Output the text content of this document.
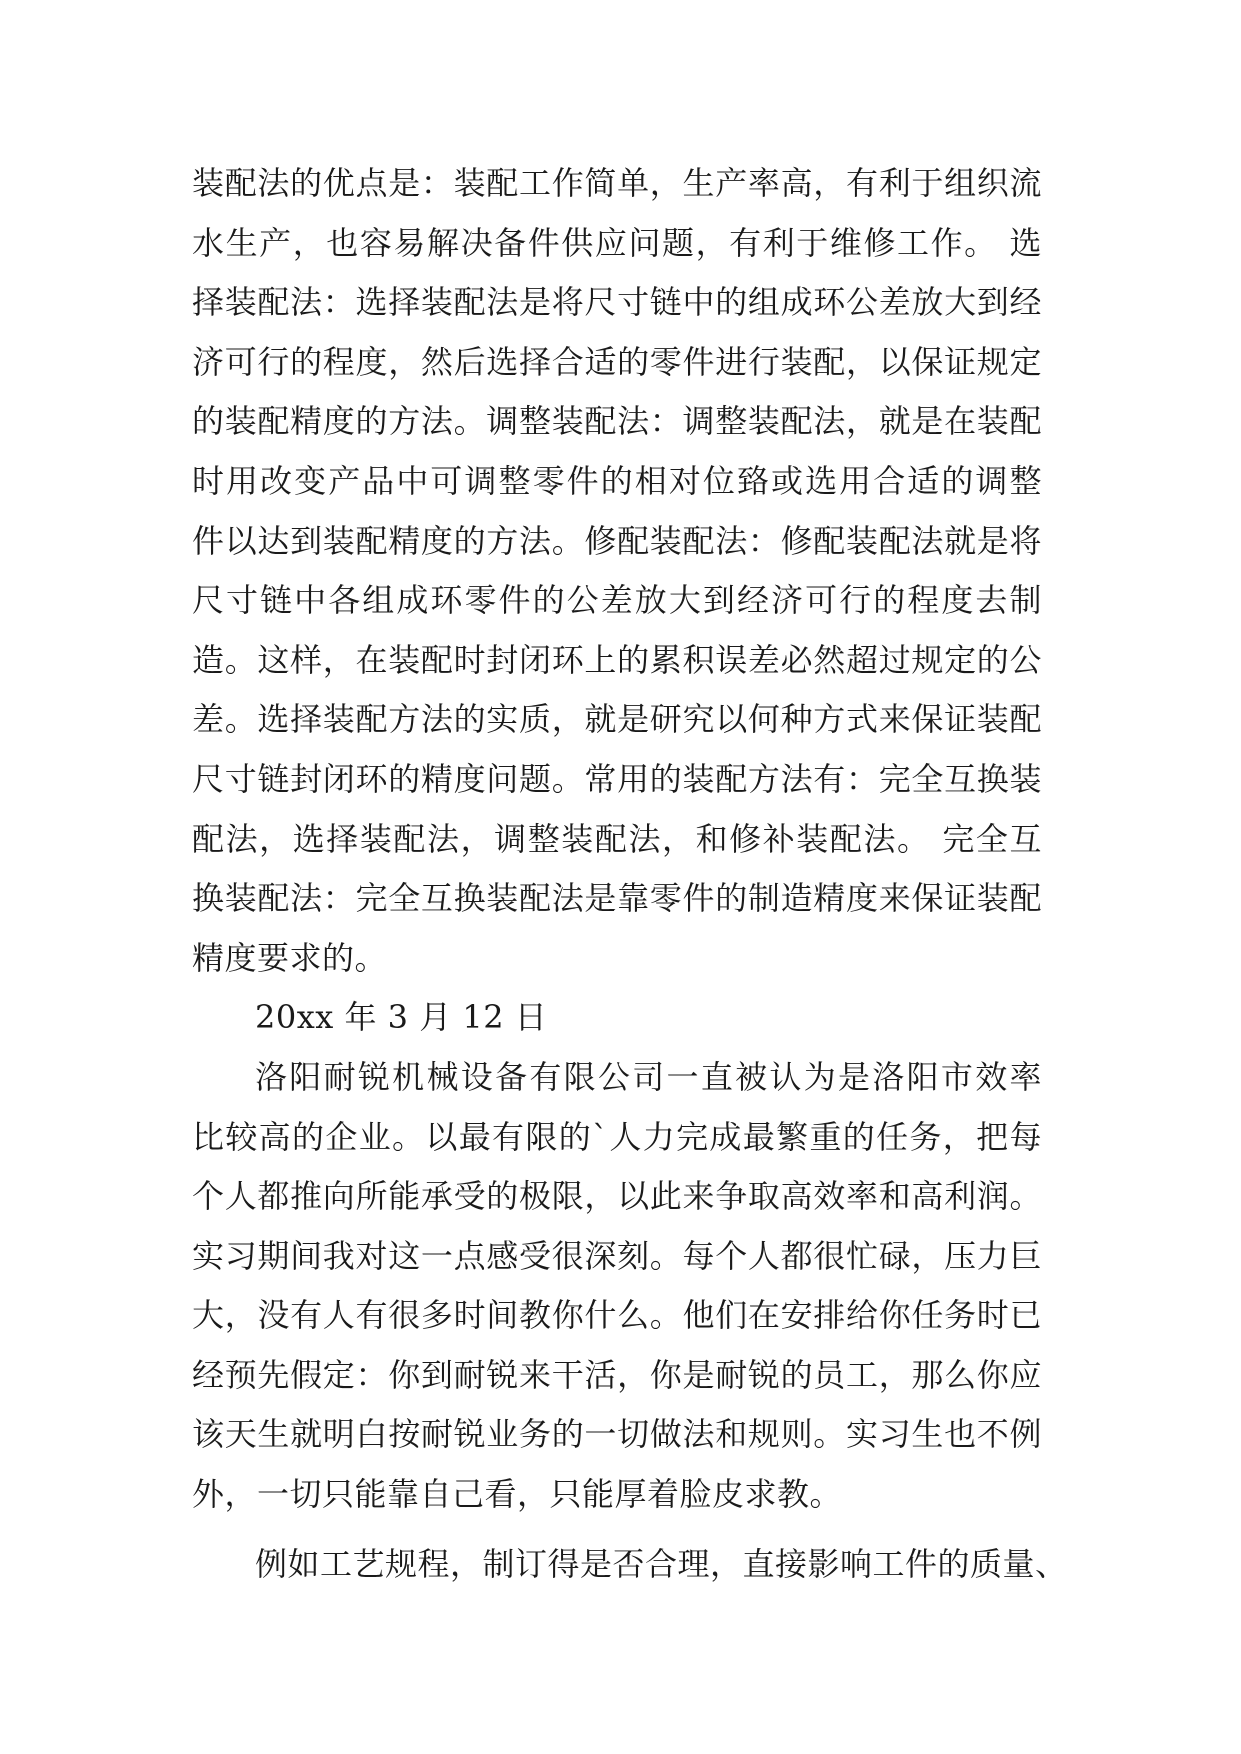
装配法的优点是：装配工作简单，生产率高，有利于组织流
水生产，也容易解决备件供应问题，有利于维修工作。 选
择装配法：选择装配法是将尺寸链中的组成环公差放大到经
济可行的程度，然后选择合适的零件进行装配，以保证规定
的装配精度的方法。调整装配法：调整装配法，就是在装配
时用改变产品中可调整零件的相对位臵或选用合适的调整
件以达到装配精度的方法。修配装配法：修配装配法就是将
尺寸链中各组成环零件的公差放大到经济可行的程度去制
造。这样，在装配时封闭环上的累积误差必然超过规定的公
差。选择装配方法的实质，就是研究以何种方式来保证装配
尺寸链封闭环的精度问题。常用的装配方法有：完全互换装
配法，选择装配法，调整装配法，和修补装配法。 完全互
换装配法：完全互换装配法是靠零件的制造精度来保证装配
精度要求的。
20xx 年 3 月 12 日
洛阳耐锐机械设备有限公司一直被认为是洛阳市效率
比较高的企业。以最有限的`人力完成最繁重的任务，把每
个人都推向所能承受的极限，以此来争取高效率和高利润。
实习期间我对这一点感受很深刻。每个人都很忙碌，压力巨
大，没有人有很多时间教你什么。他们在安排给你任务时已
经预先假定：你到耐锐来干活，你是耐锐的员工，那么你应
该天生就明白按耐锐业务的一切做法和规则。实习生也不例
外，一切只能靠自己看，只能厚着脸皮求教。
例如工艺规程，制订得是否合理，直接影响工件的质量、
